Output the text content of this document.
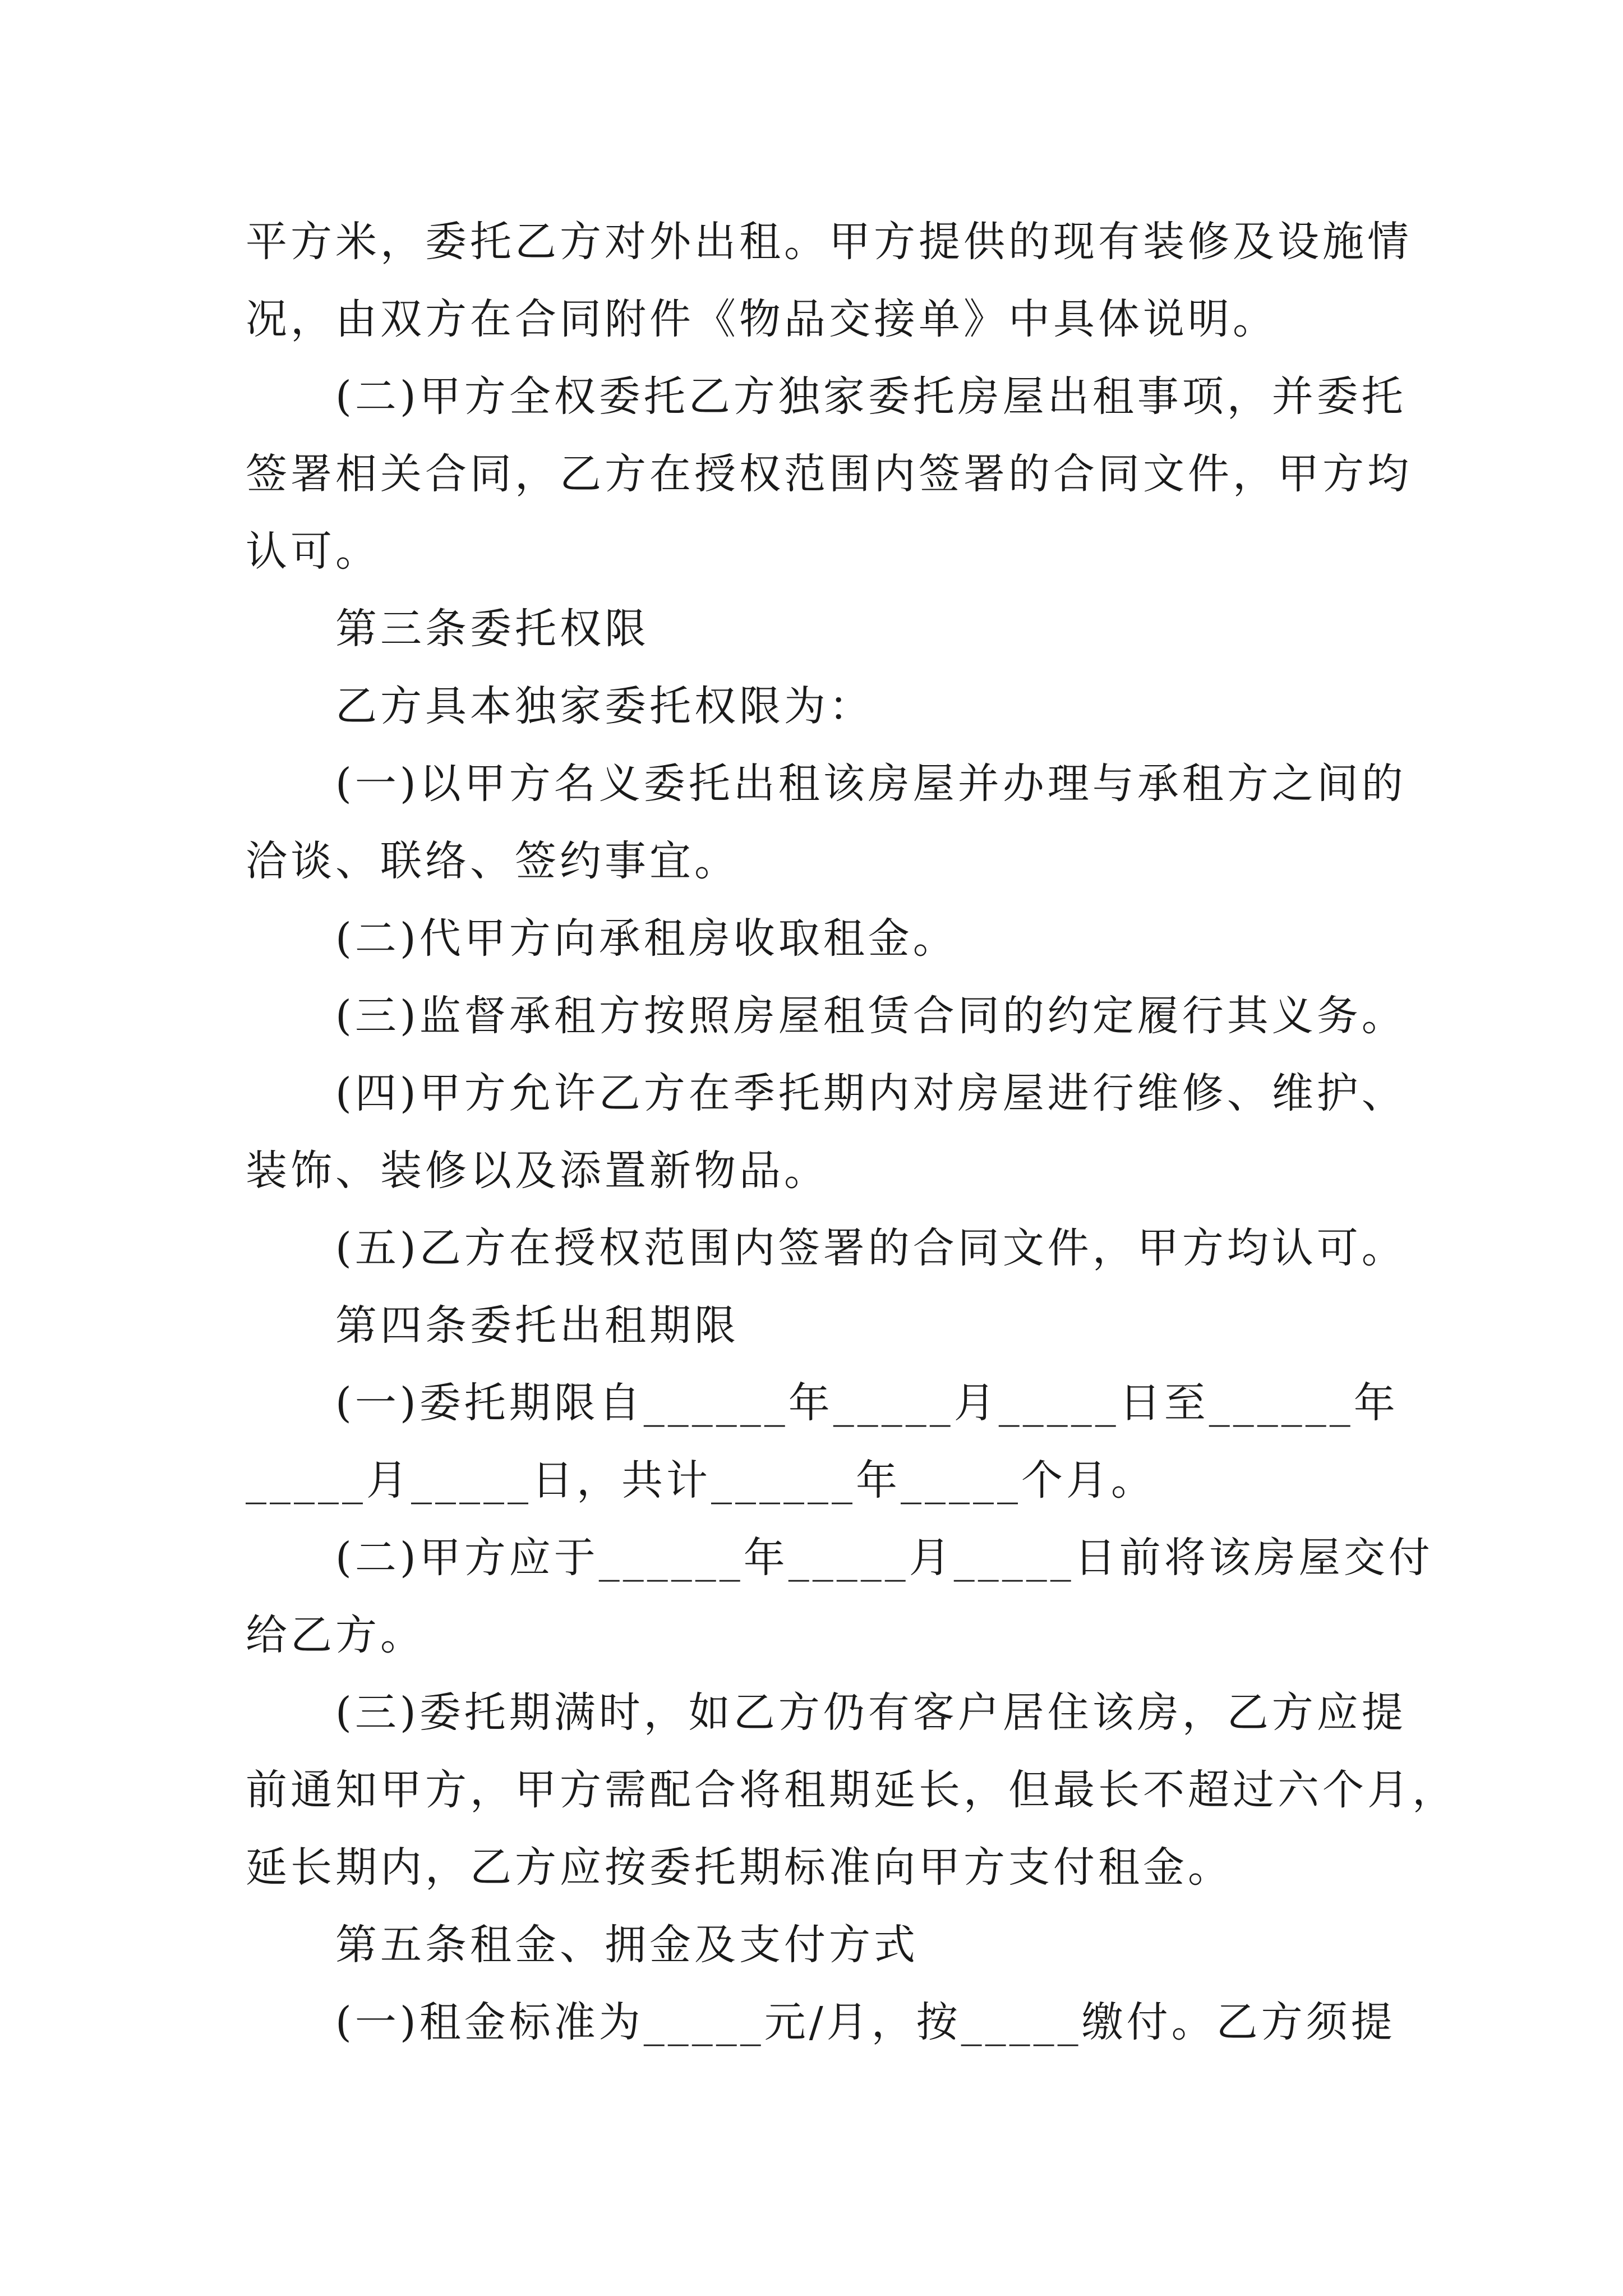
平方米，委托乙方对外出租。甲方提供的现有装修及设施情
况，由双方在合同附件《物品交接单》中具体说明。
(二)甲方全权委托乙方独家委托房屋出租事项，并委托
签署相关合同，乙方在授权范围内签署的合同文件，甲方均
认可。
第三条委托权限
乙方具本独家委托权限为：
(一)以甲方名义委托出租该房屋并办理与承租方之间的
洽谈、联络、签约事宜。
(二)代甲方向承租房收取租金。
(三)监督承租方按照房屋租赁合同的约定履行其义务。
(四)甲方允许乙方在季托期内对房屋进行维修、维护、
装饰、装修以及添置新物品。
(五)乙方在授权范围内签署的合同文件，甲方均认可。
第四条委托出租期限
(一)委托期限自______年_____月_____日至______年
_____月_____日，共计______年_____个月。
(二)甲方应于______年_____月_____日前将该房屋交付
给乙方。
(三)委托期满时，如乙方仍有客户居住该房，乙方应提
前通知甲方，甲方需配合将租期延长，但最长不超过六个月，
延长期内，乙方应按委托期标准向甲方支付租金。
第五条租金、拥金及支付方式
(一)租金标准为_____元/月，按_____缴付。乙方须提
